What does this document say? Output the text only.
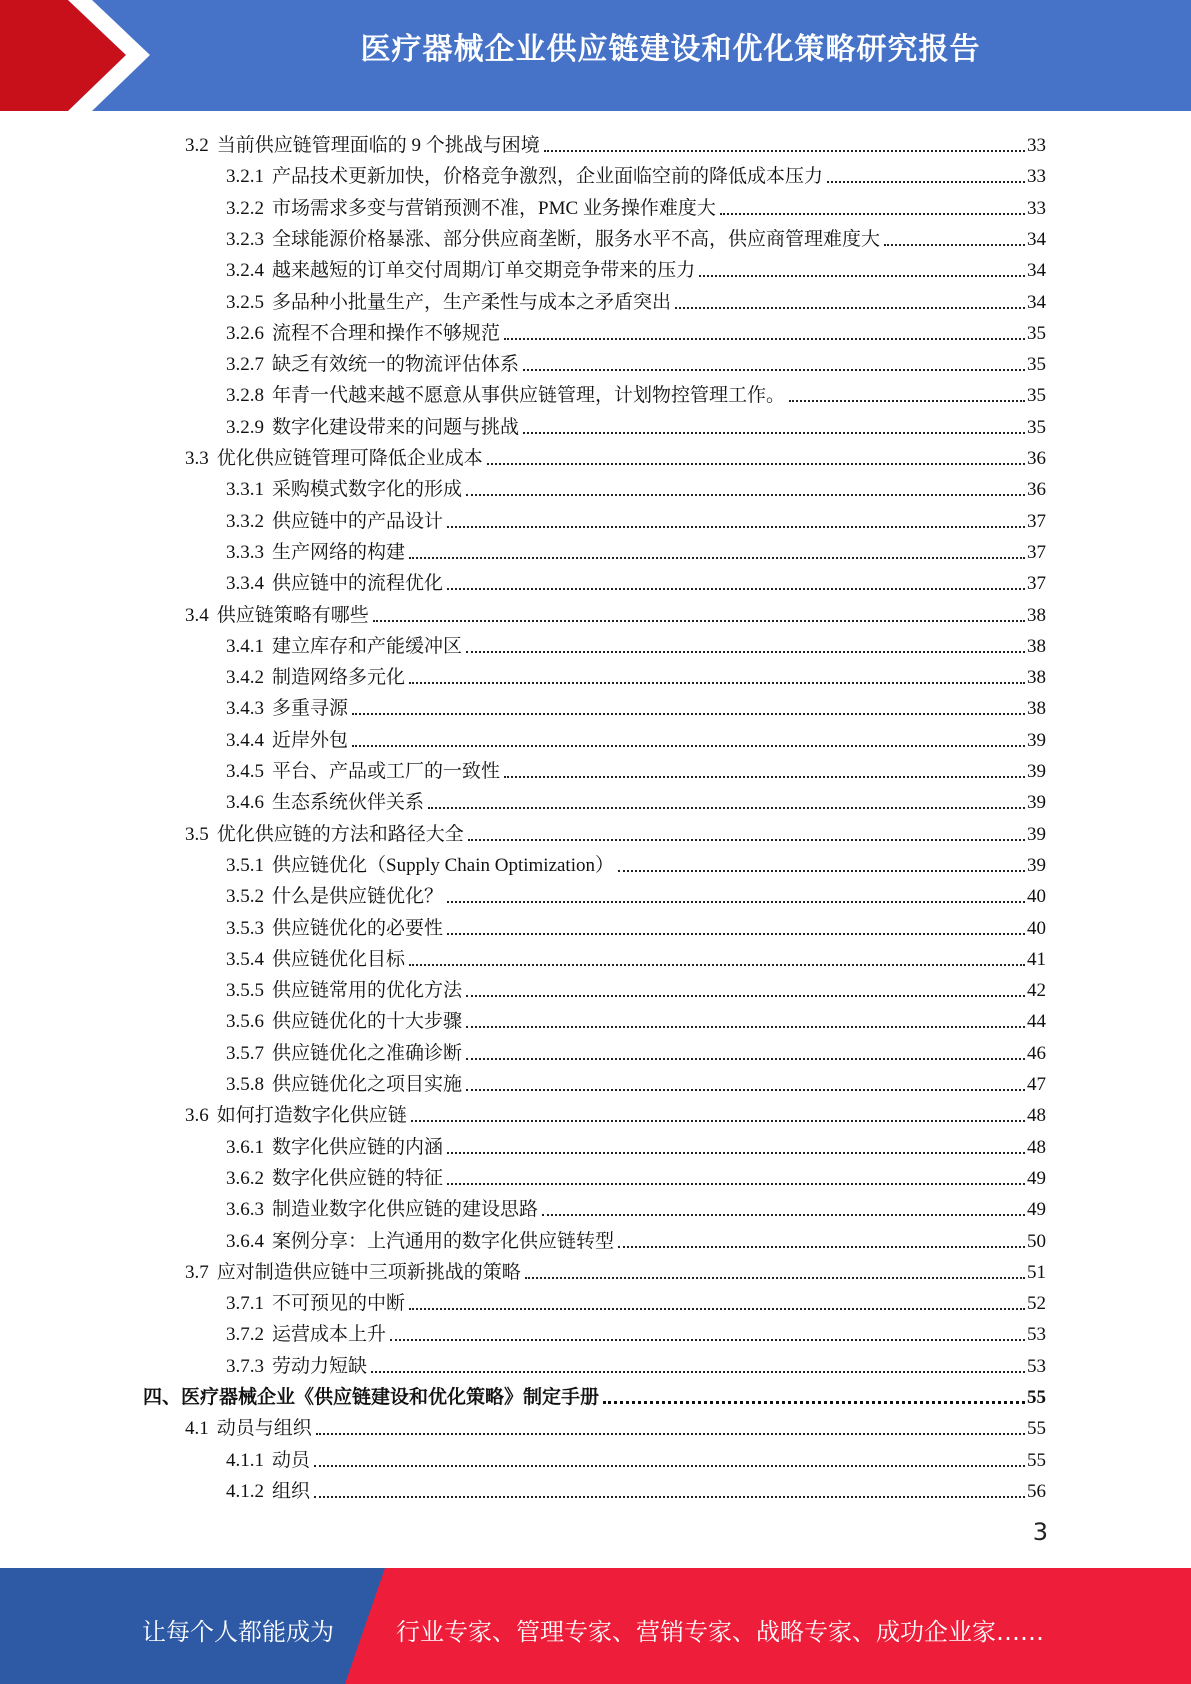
医疗器械企业供应链建设和优化策略研究报告
3.2 当前供应链管理面临的 9 个挑战与困境	33
3.2.1 产品技术更新加快，价格竞争激烈，企业面临空前的降低成本压力	33
3.2.2 市场需求多变与营销预测不准，PMC 业务操作难度大	33
3.2.3 全球能源价格暴涨、部分供应商垄断，服务水平不高，供应商管理难度大	34
3.2.4 越来越短的订单交付周期/订单交期竞争带来的压力	34
3.2.5 多品种小批量生产，生产柔性与成本之矛盾突出	34
3.2.6 流程不合理和操作不够规范	35
3.2.7 缺乏有效统一的物流评估体系	35
3.2.8 年青一代越来越不愿意从事供应链管理，计划物控管理工作。	35
3.2.9 数字化建设带来的问题与挑战	35
3.3 优化供应链管理可降低企业成本	36
3.3.1 采购模式数字化的形成	36
3.3.2 供应链中的产品设计	37
3.3.3 生产网络的构建	37
3.3.4 供应链中的流程优化	37
3.4 供应链策略有哪些	38
3.4.1 建立库存和产能缓冲区	38
3.4.2 制造网络多元化	38
3.4.3 多重寻源	38
3.4.4 近岸外包	39
3.4.5 平台、产品或工厂的一致性	39
3.4.6 生态系统伙伴关系	39
3.5 优化供应链的方法和路径大全	39
3.5.1 供应链优化（Supply Chain Optimization）	39
3.5.2 什么是供应链优化？	40
3.5.3 供应链优化的必要性	40
3.5.4 供应链优化目标	41
3.5.5 供应链常用的优化方法	42
3.5.6 供应链优化的十大步骤	44
3.5.7 供应链优化之准确诊断	46
3.5.8 供应链优化之项目实施	47
3.6 如何打造数字化供应链	48
3.6.1 数字化供应链的内涵	48
3.6.2 数字化供应链的特征	49
3.6.3 制造业数字化供应链的建设思路	49
3.6.4 案例分享：上汽通用的数字化供应链转型	50
3.7 应对制造供应链中三项新挑战的策略	51
3.7.1 不可预见的中断	52
3.7.2 运营成本上升	53
3.7.3 劳动力短缺	53
四、医疗器械企业《供应链建设和优化策略》制定手册	55
4.1 动员与组织	55
4.1.1 动员	55
4.1.2 组织	56
3
让每个人都能成为	行业专家、管理专家、营销专家、战略专家、成功企业家……
